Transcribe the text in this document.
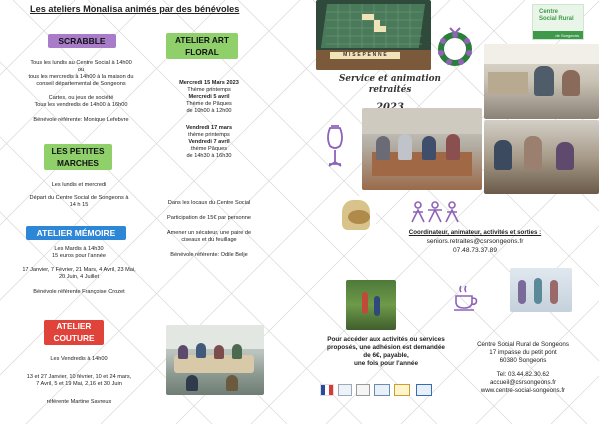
Les ateliers Monalisa animés par des bénévoles
SCRABBLE
Tous les lundis au Centre Social à 14h00
ou
tous les mercredis à 14h00 à la maison du
conseil départemental de Songeons
Cartes, ou jeux de société
Tous les vendredis de 14h00 à 16h00
Bénévole référente: Monique Lefebvre
LES PETITES
MARCHES
Les lundis et mercredi
Départ du Centre Social de Songeons à
14 h 15
ATELIER MÉMOIRE
Les Mardis à 14h30
15 euros pour l'année
17 Janvier, 7 Février, 21 Mars, 4 Avril, 23 Mai,
20 Juin, 4 Juillet
Bénévole référente Françoise Crozet
ATELIER
COUTURE
Les Vendredis à 14h00
13 et 27 Janvier, 10 février, 10 et 24 mars,
7 Avril, 5 et 19 Mai, 2,16 et 30 Juin
référente Martine Savreux
ATELIER ART
FLORAL
Mercredi 15 Mars 2023
Thème printemps
Mercredi 5 avril
Thème de Pâques
de 10h00 à 12h00
Vendredi 17 mars
thème printemps
Vendredi 7 avril
thème Pâques
de 14h30 à 16h30
Dans les locaux du Centre Social
Participation de 15€ par personne
Amener un sécateur, une paire de
ciseaux et du feuillage
Bénévole référente: Odile Belje
M I S E P E N N E
Centre
Social Rural
de Songeons
Service et animation retraités
Coordinateur, animateur, activités et sorties :
seniors.retraites@csrsongeons.fr
07.48.73.37.89
Pour accéder aux activités ou services
proposés, une adhésion est demandée
de 6€, payable,
une fois pour l'année
Centre Social Rural de Songeons
17 impasse du petit pont
60380 Songeons
Tel: 03.44.82.30.62
accueil@csrsongeons.fr
www.centre-social-songeons.fr
